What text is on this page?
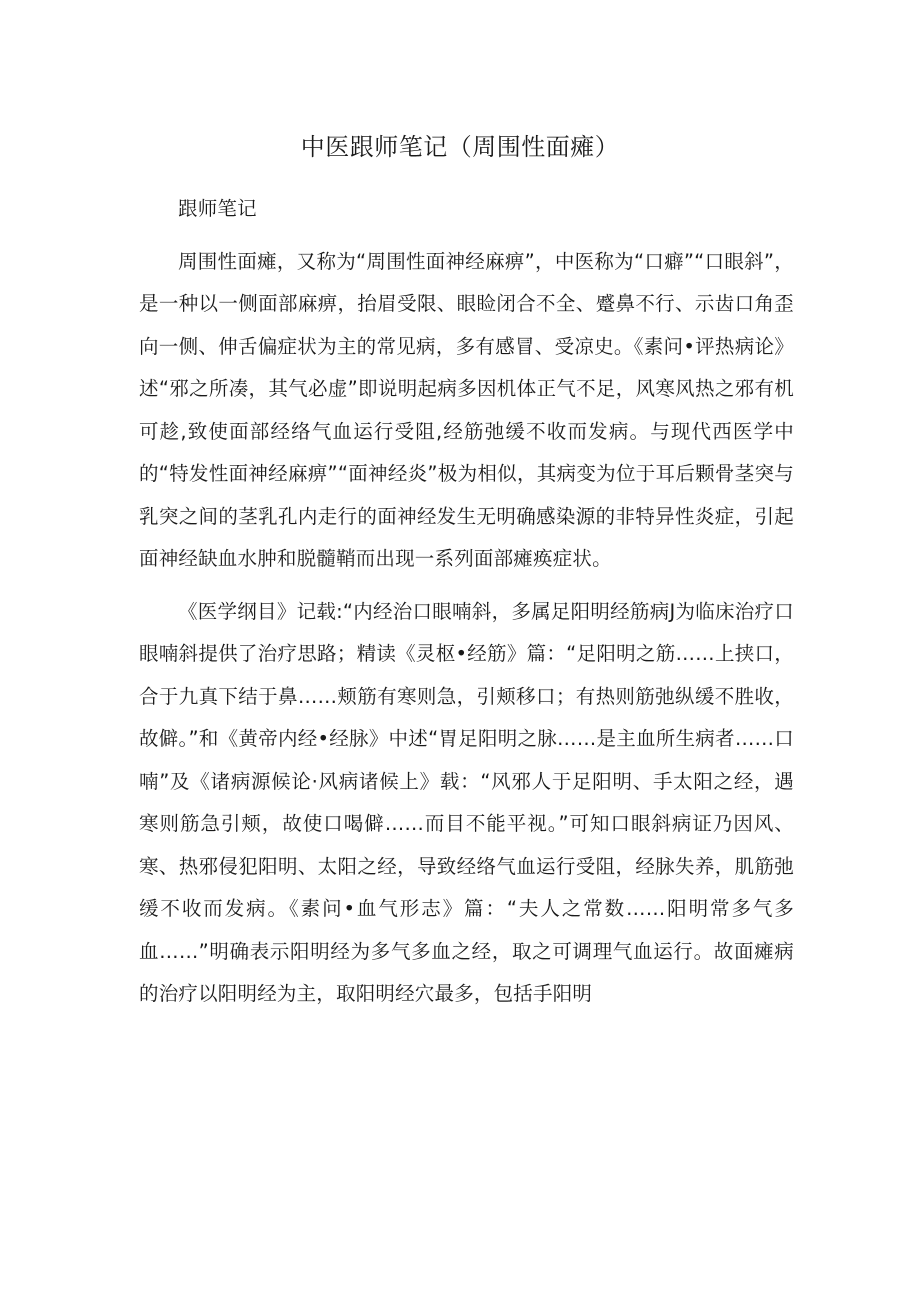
中医跟师笔记（周围性面瘫）

跟师笔记

周围性面瘫，又称为“周围性面神经麻痹”，中医称为“口癖”“口眼斜”，是一种以一侧面部麻痹，抬眉受限、眼睑闭合不全、蹙鼻不行、示齿口角歪向一侧、伸舌偏症状为主的常见病，多有感冒、受凉史。《素问•评热病论》述“邪之所凑，其气必虚”即说明起病多因机体正气不足，风寒风热之邪有机可趁,致使面部经络气血运行受阻,经筋弛缓不收而发病。与现代西医学中的“特发性面神经麻痹”“面神经炎”极为相似，其病变为位于耳后颗骨茎突与乳突之间的茎乳孔内走行的面神经发生无明确感染源的非特异性炎症，引起面神经缺血水肿和脱髓鞘而出现一系列面部瘫痪症状。

《医学纲目》记载:“内经治口眼喃斜，多属足阳明经筋病J为临床治疗口眼喃斜提供了治疗思路；精读《灵枢•经筋》篇：“足阳明之筋……上挟口，合于九真下结于鼻……颊筋有寒则急，引颊移口；有热则筋弛纵缓不胜收，故僻。”和《黄帝内经•经脉》中述“胃足阳明之脉……是主血所生病者……口喃”及《诸病源候论·风病诸候上》载：“风邪人于足阳明、手太阳之经，遇寒则筋急引颊，故使口喝僻……而目不能平视。”可知口眼斜病证乃因风、寒、热邪侵犯阳明、太阳之经，导致经络气血运行受阻，经脉失养，肌筋弛缓不收而发病。《素问•血气形志》篇：“夫人之常数……阳明常多气多血……”明确表示阳明经为多气多血之经，取之可调理气血运行。故面瘫病的治疗以阳明经为主，取阳明经穴最多，包括手阳明
